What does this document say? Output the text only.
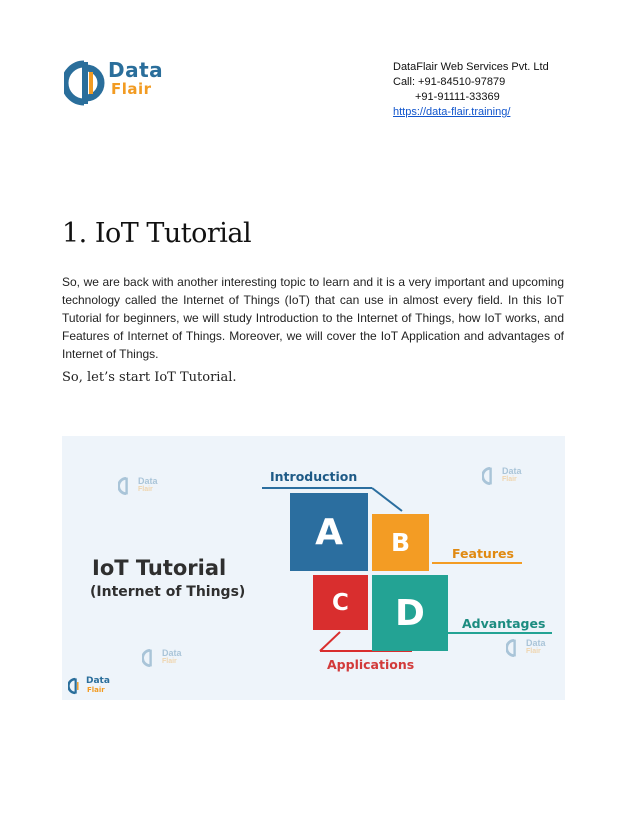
Data
Flair
DataFlair Web Services Pvt. Ltd
Call: +91-84510-97879
+91-91111-33369
https://data-flair.training/
1. IoT Tutorial

So, we are back with another interesting topic to learn and it is a very important and upcoming technology called the Internet of Things (IoT) that can use in almost every field. In this IoT Tutorial for beginners, we will study Introduction to the Internet of Things, how IoT works, and Features of Internet of Things. Moreover, we will cover the IoT Application and advantages of Internet of Things.

So, let’s start IoT Tutorial.

Data
Flair
Data
Flair
Data
Flair
Data
Flair
IoT Tutorial
(Internet of Things)
Introduction
Features
Advantages
Applications
A	B
C	D
Data
Flair
